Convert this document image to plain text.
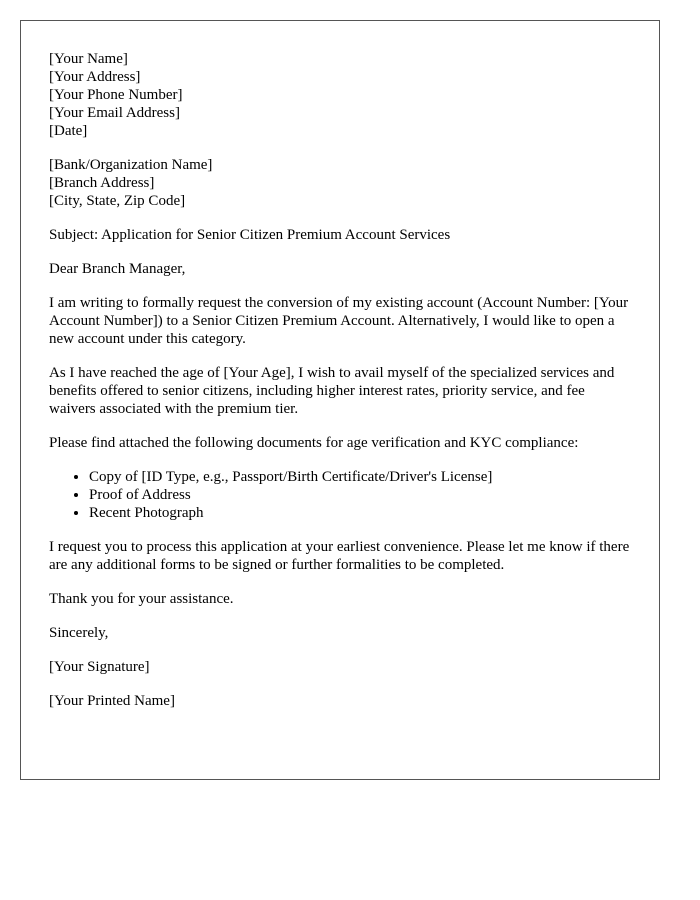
[Your Name]
[Your Address]
[Your Phone Number]
[Your Email Address]
[Date]
[Bank/Organization Name]
[Branch Address]
[City, State, Zip Code]

Subject: Application for Senior Citizen Premium Account Services

Dear Branch Manager,

I am writing to formally request the conversion of my existing account (Account Number: [Your Account Number]) to a Senior Citizen Premium Account. Alternatively, I would like to open a new account under this category.

As I have reached the age of [Your Age], I wish to avail myself of the specialized services and benefits offered to senior citizens, including higher interest rates, priority service, and fee waivers associated with the premium tier.

Please find attached the following documents for age verification and KYC compliance:

• Copy of [ID Type, e.g., Passport/Birth Certificate/Driver's License]
• Proof of Address
• Recent Photograph

I request you to process this application at your earliest convenience. Please let me know if there are any additional forms to be signed or further formalities to be completed.

Thank you for your assistance.

Sincerely,

[Your Signature]

[Your Printed Name]
